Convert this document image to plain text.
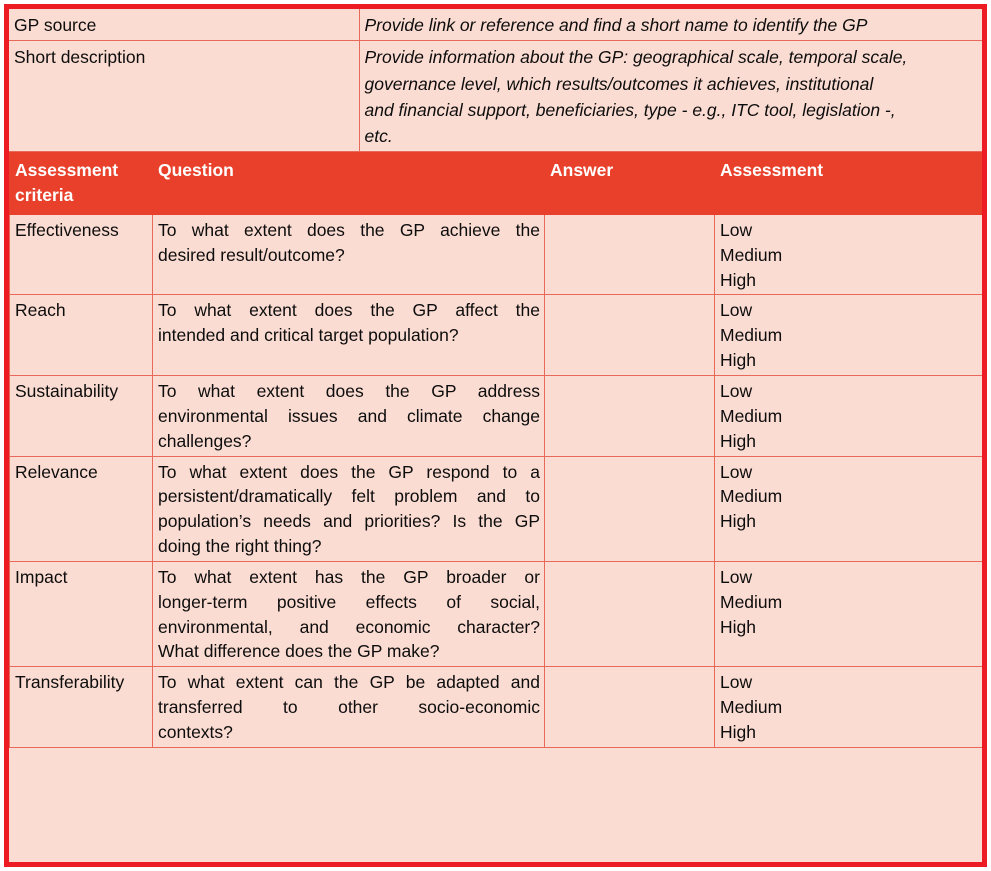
GP source	Provide link or reference and find a short name to identify the GP

Short description	Provide information about the GP: geographical scale, temporal scale,
governance level, which results/outcomes it achieves, institutional
and financial support, beneficiaries, type - e.g., ITC tool, legislation -,
etc.
Assessment criteria	Question	Answer	Assessment
Effectiveness	To what extent does the GP achieve the
desired result/outcome?		Low
Medium
High

Reach	To what extent does the GP affect the
intended and critical target population?		Low
Medium
High

Sustainability	To what extent does the GP address
environmental issues and climate change
challenges?		Low
Medium
High

Relevance	To what extent does the GP respond to a
persistent/dramatically felt problem and to
population’s needs and priorities? Is the GP
doing the right thing?		Low
Medium
High

Impact	To what extent has the GP broader or
longer-term positive effects of social,
environmental, and economic character?
What difference does the GP make?		Low
Medium
High

Transferability	To what extent can the GP be adapted and
transferred to other socio-economic
contexts?		Low
Medium
High
